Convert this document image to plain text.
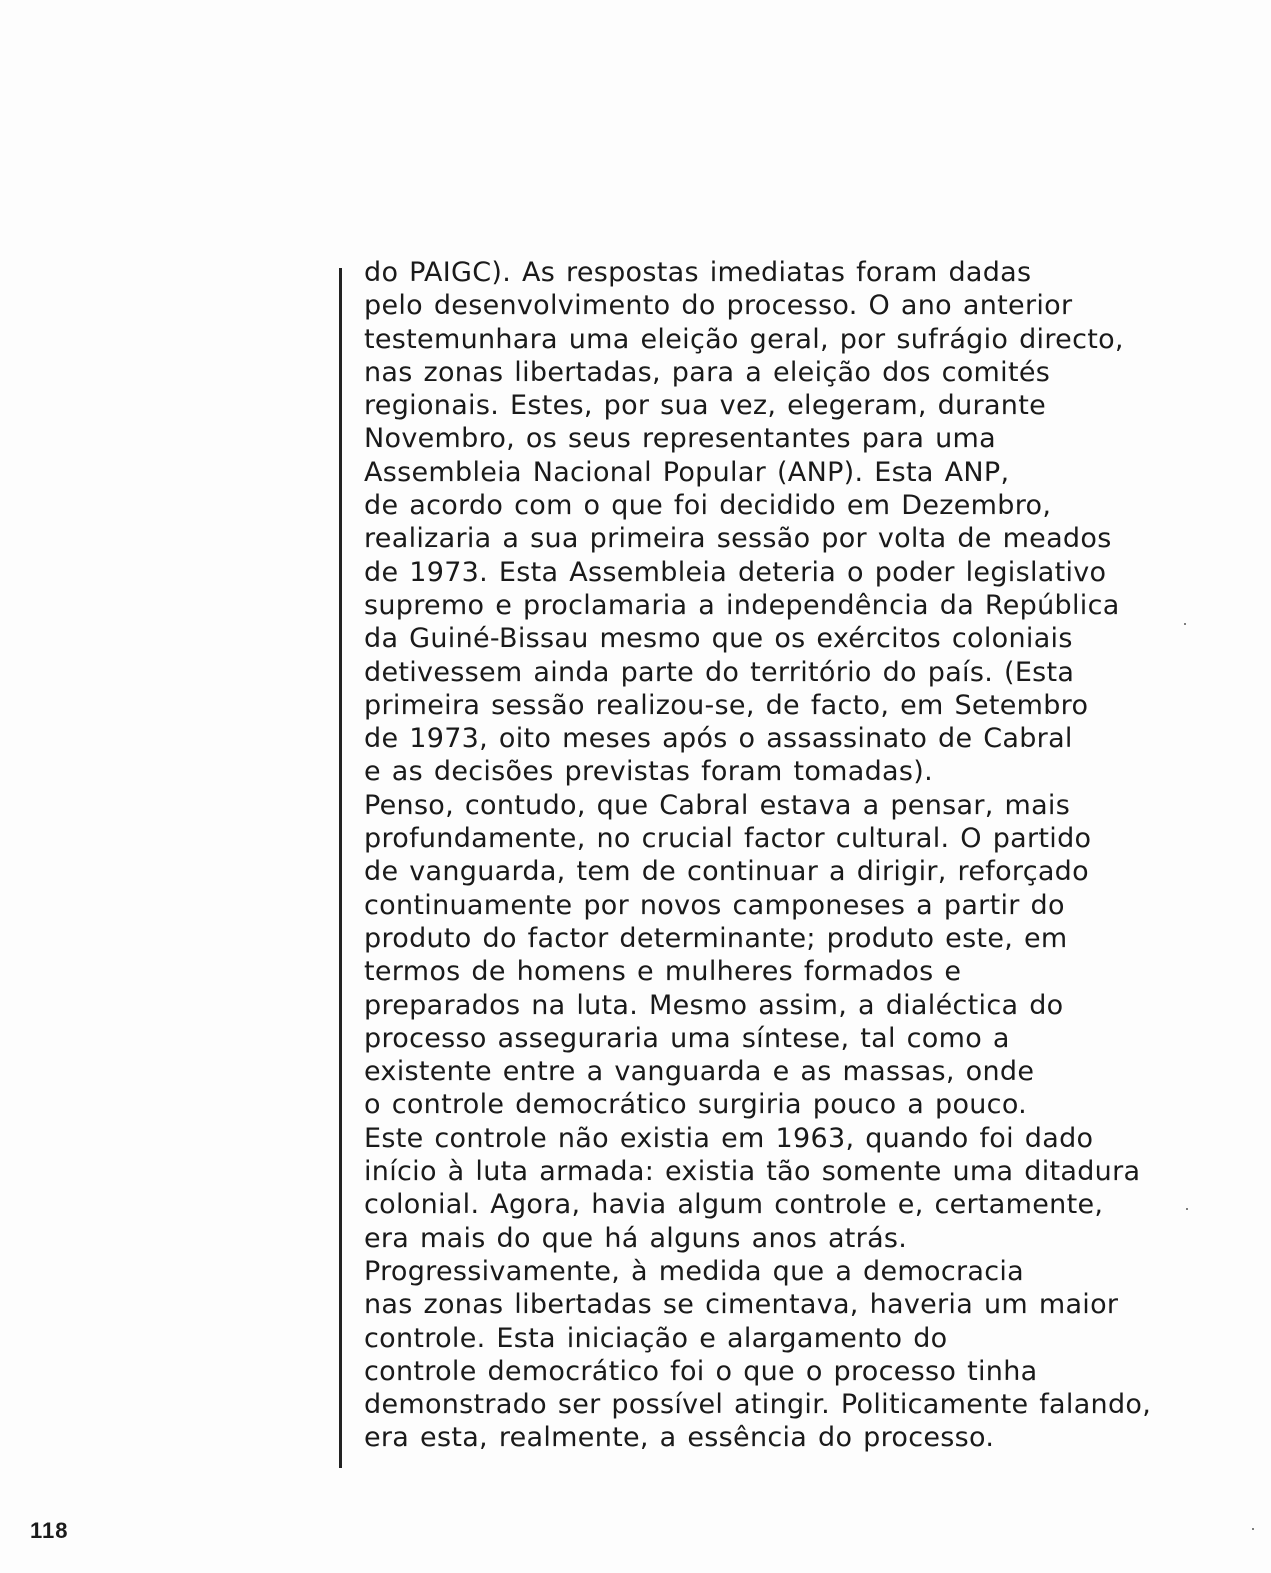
do PAIGC). As respostas imediatas foram dadas
pelo desenvolvimento do processo. O ano anterior
testemunhara uma eleição geral, por sufrágio directo,
nas zonas libertadas, para a eleição dos comités
regionais. Estes, por sua vez, elegeram, durante
Novembro, os seus representantes para uma
Assembleia Nacional Popular (ANP). Esta ANP,
de acordo com o que foi decidido em Dezembro,
realizaria a sua primeira sessão por volta de meados
de 1973. Esta Assembleia deteria o poder legislativo
supremo e proclamaria a independência da República
da Guiné-Bissau mesmo que os exércitos coloniais
detivessem ainda parte do território do país. (Esta
primeira sessão realizou-se, de facto, em Setembro
de 1973, oito meses após o assassinato de Cabral
e as decisões previstas foram tomadas).
Penso, contudo, que Cabral estava a pensar, mais
profundamente, no crucial factor cultural. O partido
de vanguarda, tem de continuar a dirigir, reforçado
continuamente por novos camponeses a partir do
produto do factor determinante; produto este, em
termos de homens e mulheres formados e
preparados na luta. Mesmo assim, a dialéctica do
processo asseguraria uma síntese, tal como a
existente entre a vanguarda e as massas, onde
o controle democrático surgiria pouco a pouco.
Este controle não existia em 1963, quando foi dado
início à luta armada: existia tão somente uma ditadura
colonial. Agora, havia algum controle e, certamente,
era mais do que há alguns anos atrás.
Progressivamente, à medida que a democracia
nas zonas libertadas se cimentava, haveria um maior
controle. Esta iniciação e alargamento do
controle democrático foi o que o processo tinha
demonstrado ser possível atingir. Politicamente falando,
era esta, realmente, a essência do processo.
118
